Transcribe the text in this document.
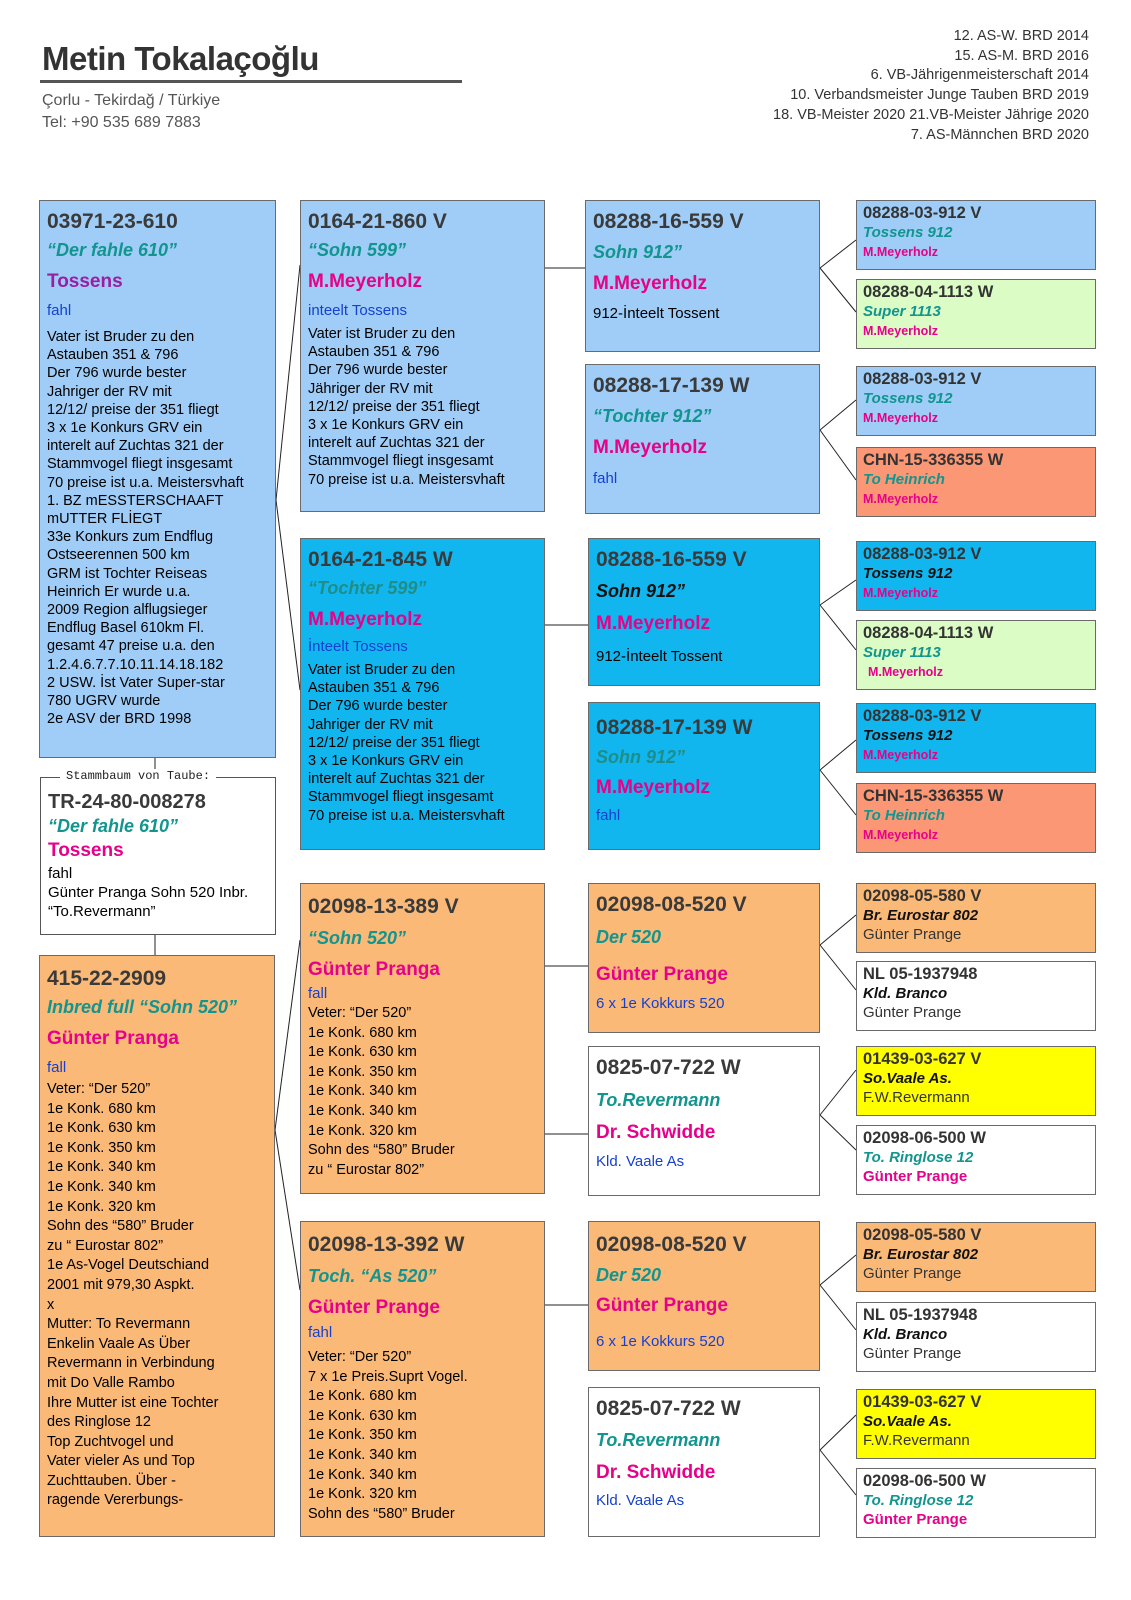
Metin Tokalaçoğlu
Çorlu - Tekirdağ / Türkiye
Tel: +90 535 689 7883
12. AS-W. BRD 2014
15. AS-M. BRD 2016
6. VB-Jährigenmeisterschaft 2014
10. Verbandsmeister Junge Tauben BRD 2019
18. VB-Meister 2020 21.VB-Meister Jährige 2020
7. AS-Männchen BRD 2020
03971-23-610
“Der fahle 610”
Tossens
fahl
Vater ist Bruder zu den
Astauben 351 & 796
Der 796 wurde bester
Jahriger der RV mit
12/12/ preise der 351 fliegt
3 x 1e Konkurs GRV ein
interelt auf Zuchtas 321 der
Stammvogel fliegt insgesamt
70 preise ist u.a. Meistersvhaft
1. BZ mESSTERSCHAAFT
mUTTER FLİEGT
33e Konkurs zum Endflug
Ostseerennen 500 km
GRM ist Tochter Reiseas
Heinrich Er wurde u.a.
2009 Region alflugsieger
Endflug Basel 610km Fl.
gesamt 47 preise u.a. den
1.2.4.6.7.7.10.11.14.18.182
2 USW. İst Vater Super-star
780 UGRV wurde
2e ASV der BRD 1998
TR-24-80-008278
“Der fahle 610”
Tossens
fahl
Günter Pranga Sohn 520 Inbr.
“To.Revermann”
Stammbaum von Taube:
415-22-2909
Inbred full “Sohn 520”
Günter Pranga
fall
Veter: “Der 520”
1e Konk. 680 km
1e Konk. 630 km
1e Konk. 350 km
1e Konk. 340 km
1e Konk. 340 km
1e Konk. 320 km
Sohn des “580” Bruder
zu “ Eurostar 802”
1e As-Vogel Deutschiand
2001 mit 979,30 Aspkt.
x
Mutter: To Revermann
Enkelin Vaale As Über
Revermann in Verbindung
mit Do Valle Rambo
Ihre Mutter ist eine Tochter
des Ringlose 12
Top Zuchtvogel und
Vater vieler As und Top
Zuchttauben. Über -
ragende Vererbungs-
0164-21-860 V
“Sohn 599”
M.Meyerholz
inteelt Tossens
Vater ist Bruder zu den
Astauben 351 & 796
Der 796 wurde bester
Jähriger der RV mit
12/12/ preise der 351 fliegt
3 x 1e Konkurs GRV ein
interelt auf Zuchtas 321 der
Stammvogel fliegt insgesamt
70 preise ist u.a. Meistersvhaft
0164-21-845 W
“Tochter 599”
M.Meyerholz
İnteelt Tossens
Vater ist Bruder zu den
Astauben 351 & 796
Der 796 wurde bester
Jahriger der RV mit
12/12/ preise der 351 fliegt
3 x 1e Konkurs GRV ein
interelt auf Zuchtas 321 der
Stammvogel fliegt insgesamt
70 preise ist u.a. Meistersvhaft
02098-13-389 V
“Sohn 520”
Günter Pranga
fall
Veter: “Der 520”
1e Konk. 680 km
1e Konk. 630 km
1e Konk. 350 km
1e Konk. 340 km
1e Konk. 340 km
1e Konk. 320 km
Sohn des “580” Bruder
zu “ Eurostar 802”
02098-13-392 W
Toch. “As 520”
Günter Prange
fahl
Veter: “Der 520”
7 x 1e Preis.Suprt Vogel.
1e Konk. 680 km
1e Konk. 630 km
1e Konk. 350 km
1e Konk. 340 km
1e Konk. 340 km
1e Konk. 320 km
Sohn des “580” Bruder
08288-16-559 V
Sohn 912”
M.Meyerholz
912-İnteelt Tossent
08288-17-139 W
“Tochter 912”
M.Meyerholz
fahl
08288-16-559 V
Sohn 912”
M.Meyerholz
912-İnteelt Tossent
08288-17-139 W
Sohn 912”
M.Meyerholz
fahl
02098-08-520 V
Der 520
Günter Prange
6 x 1e Kokkurs 520
0825-07-722 W
To.Revermann
Dr. Schwidde
Kld. Vaale As
02098-08-520 V
Der 520
Günter Prange
6 x 1e Kokkurs 520
0825-07-722 W
To.Revermann
Dr. Schwidde
Kld. Vaale As
08288-03-912 V
Tossens 912
M.Meyerholz
08288-04-1113 W
Super 1113
M.Meyerholz
08288-03-912 V
Tossens 912
M.Meyerholz
CHN-15-336355 W
To Heinrich
M.Meyerholz
08288-03-912 V
Tossens 912
M.Meyerholz
08288-04-1113 W
Super 1113
M.Meyerholz
08288-03-912 V
Tossens 912
M.Meyerholz
CHN-15-336355 W
To Heinrich
M.Meyerholz
02098-05-580 V
Br. Eurostar 802
Günter Prange
NL 05-1937948
Kld. Branco
Günter Prange
01439-03-627 V
So.Vaale As.
F.W.Revermann
02098-06-500 W
To. Ringlose 12
Günter Prange
02098-05-580 V
Br. Eurostar 802
Günter Prange
NL 05-1937948
Kld. Branco
Günter Prange
01439-03-627 V
So.Vaale As.
F.W.Revermann
02098-06-500 W
To. Ringlose 12
Günter Prange
